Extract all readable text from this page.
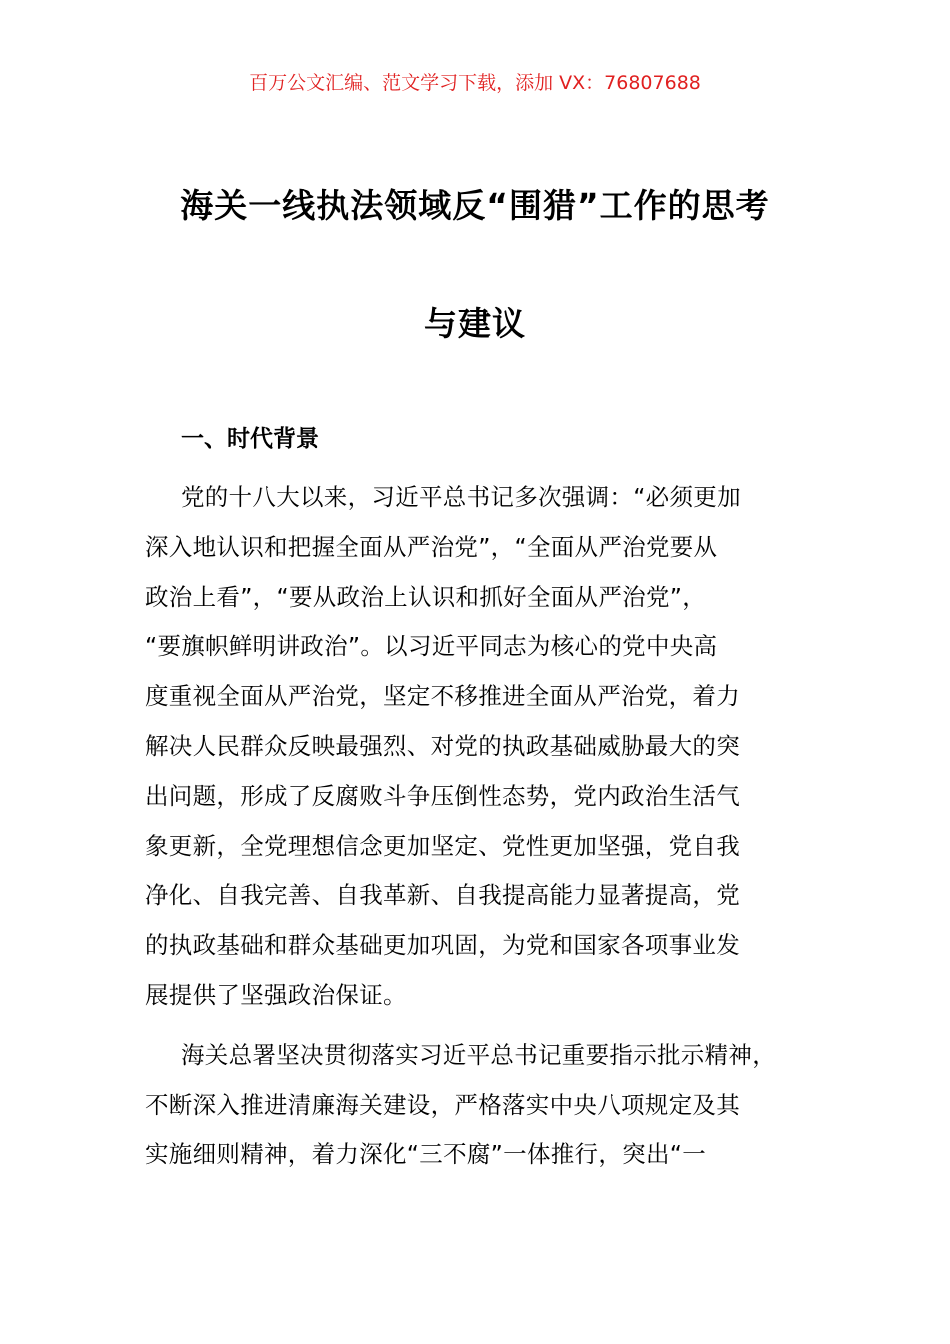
百万公文汇编、范文学习下载，添加 VX：76807688
海关一线执法领域反“围猎”工作的思考
与建议
一、时代背景
党的十八大以来，习近平总书记多次强调：“必须更加
深入地认识和把握全面从严治党”，“全面从严治党要从
政治上看”，“要从政治上认识和抓好全面从严治党”，
“要旗帜鲜明讲政治”。以习近平同志为核心的党中央高
度重视全面从严治党，坚定不移推进全面从严治党，着力
解决人民群众反映最强烈、对党的执政基础威胁最大的突
出问题，形成了反腐败斗争压倒性态势，党内政治生活气
象更新，全党理想信念更加坚定、党性更加坚强，党自我
净化、自我完善、自我革新、自我提高能力显著提高，党
的执政基础和群众基础更加巩固，为党和国家各项事业发
展提供了坚强政治保证。
海关总署坚决贯彻落实习近平总书记重要指示批示精神，
不断深入推进清廉海关建设，严格落实中央八项规定及其
实施细则精神，着力深化“三不腐”一体推行，突出“一
